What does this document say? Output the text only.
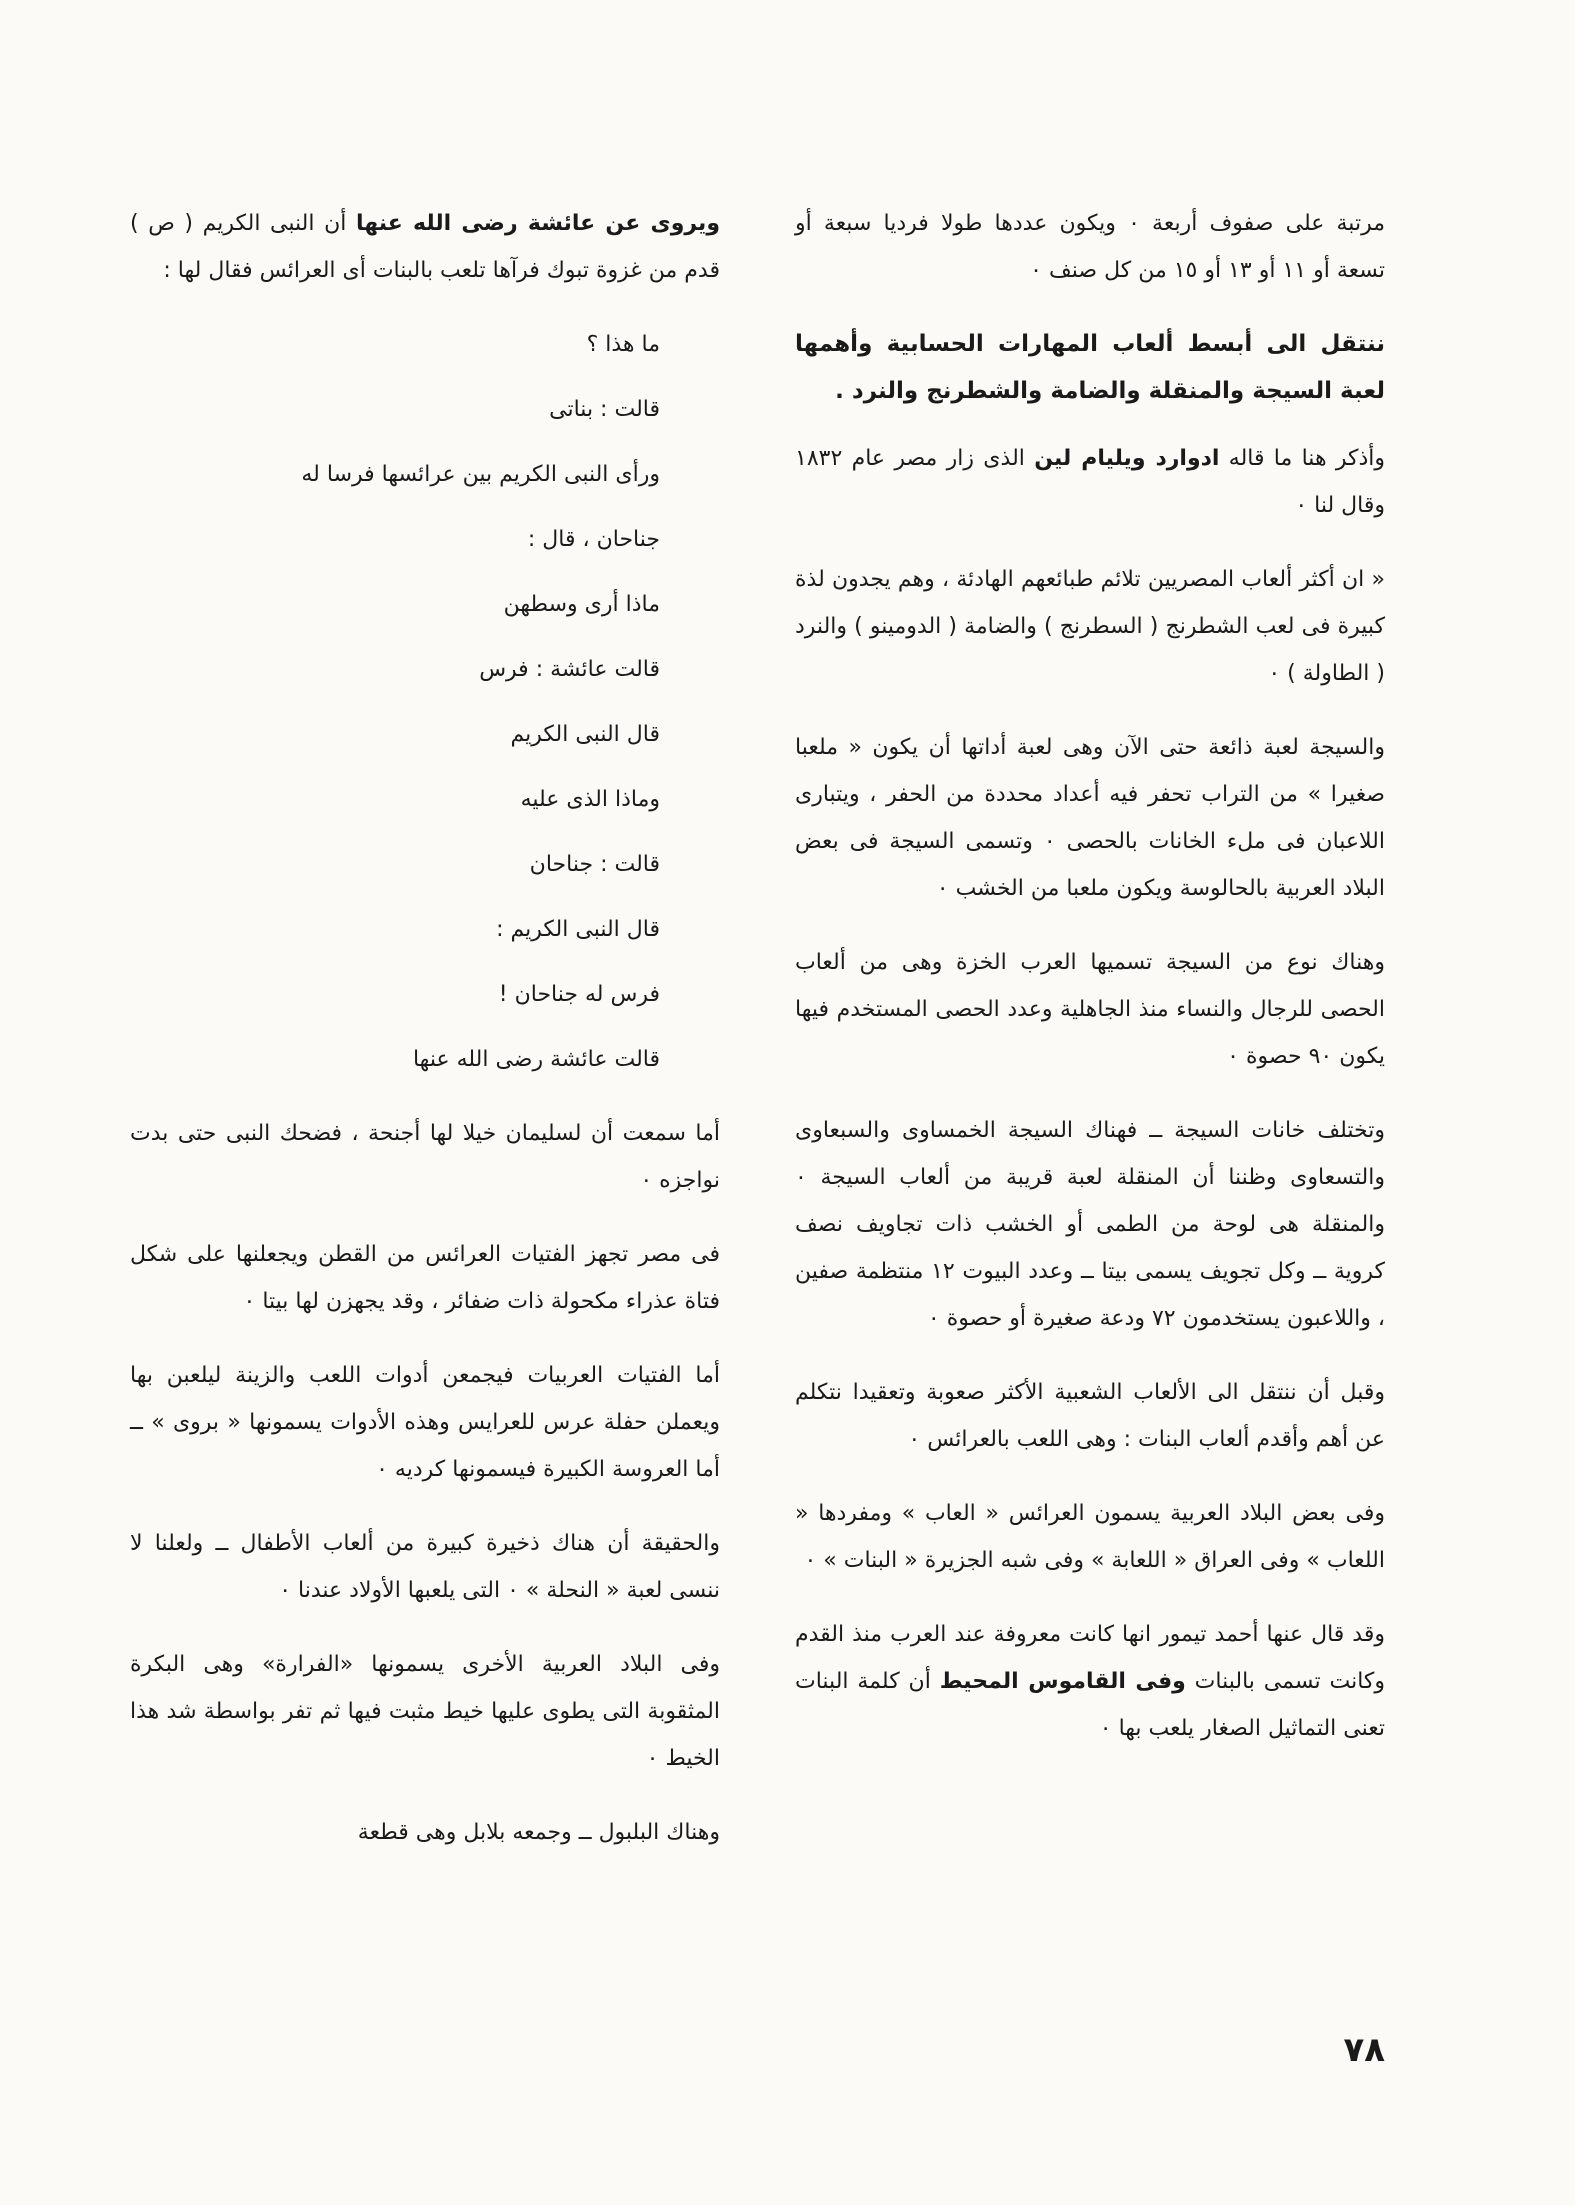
مرتبة على صفوف أربعة ٠ ويكون عددها طولا فرديا سبعة أو تسعة أو ١١ أو ١٣ أو ١٥ من كل صنف ٠

ننتقل الى أبسط ألعاب المهارات الحسابية وأهمها لعبة السيجة والمنقلة والضامة والشطرنج والنرد .

وأذكر هنا ما قاله ادوارد ويليام لين الذى زار مصر عام ١٨٣٢ وقال لنا ٠

« ان أكثر ألعاب المصريين تلائم طبائعهم الهادئة ، وهم يجدون لذة كبيرة فى لعب الشطرنج ( السطرنج ) والضامة ( الدومينو ) والنرد ( الطاولة ) ٠

والسيجة لعبة ذائعة حتى الآن وهى لعبة أداتها أن يكون « ملعبا صغيرا » من التراب تحفر فيه أعداد محددة من الحفر ، ويتبارى اللاعبان فى ملء الخانات بالحصى ٠ وتسمى السيجة فى بعض البلاد العربية بالحالوسة ويكون ملعبا من الخشب ٠

وهناك نوع من السيجة تسميها العرب الخزة وهى من ألعاب الحصى للرجال والنساء منذ الجاهلية وعدد الحصى المستخدم فيها يكون ٩٠ حصوة ٠

وتختلف خانات السيجة ــ فهناك السيجة الخمساوى والسبعاوى والتسعاوى وظننا أن المنقلة لعبة قريبة من ألعاب السيجة ٠ والمنقلة هى لوحة من الطمى أو الخشب ذات تجاويف نصف كروية ــ وكل تجويف يسمى بيتا ــ وعدد البيوت ١٢ منتظمة صفين ، واللاعبون يستخدمون ٧٢ ودعة صغيرة أو حصوة ٠

وقبل أن ننتقل الى الألعاب الشعبية الأكثر صعوبة وتعقيدا نتكلم عن أهم وأقدم ألعاب البنات : وهى اللعب بالعرائس ٠

وفى بعض البلاد العربية يسمون العرائس « العاب » ومفردها « اللعاب » وفى العراق « اللعابة » وفى شبه الجزيرة « البنات » ٠

وقد قال عنها أحمد تيمور انها كانت معروفة عند العرب منذ القدم وكانت تسمى بالبنات وفى القاموس المحيط أن كلمة البنات تعنى التماثيل الصغار يلعب بها ٠

ويروى عن عائشة رضى الله عنها أن النبى الكريم ( ص ) قدم من غزوة تبوك فرآها تلعب بالبنات أى العرائس فقال لها :

ما هذا ؟
قالت : بناتى
ورأى النبى الكريم بين عرائسها فرسا له
جناحان ، قال :
ماذا أرى وسطهن
قالت عائشة : فرس
قال النبى الكريم
وماذا الذى عليه
قالت : جناحان
قال النبى الكريم :
فرس له جناحان !
قالت عائشة رضى الله عنها

أما سمعت أن لسليمان خيلا لها أجنحة ، فضحك النبى حتى بدت نواجزه ٠

فى مصر تجهز الفتيات العرائس من القطن ويجعلنها على شكل فتاة عذراء مكحولة ذات ضفائر ، وقد يجهزن لها بيتا ٠

أما الفتيات العربيات فيجمعن أدوات اللعب والزينة ليلعبن بها ويعملن حفلة عرس للعرايس وهذه الأدوات يسمونها « بروى » ــ أما العروسة الكبيرة فيسمونها كرديه ٠

والحقيقة أن هناك ذخيرة كبيرة من ألعاب الأطفال ــ ولعلنا لا ننسى لعبة « النحلة » ٠ التى يلعبها الأولاد عندنا ٠

وفى البلاد العربية الأخرى يسمونها «الفرارة» وهى البكرة المثقوبة التى يطوى عليها خيط مثبت فيها ثم تفر بواسطة شد هذا الخيط ٠

وهناك البلبول ــ وجمعه بلابل وهى قطعة

٧٨
